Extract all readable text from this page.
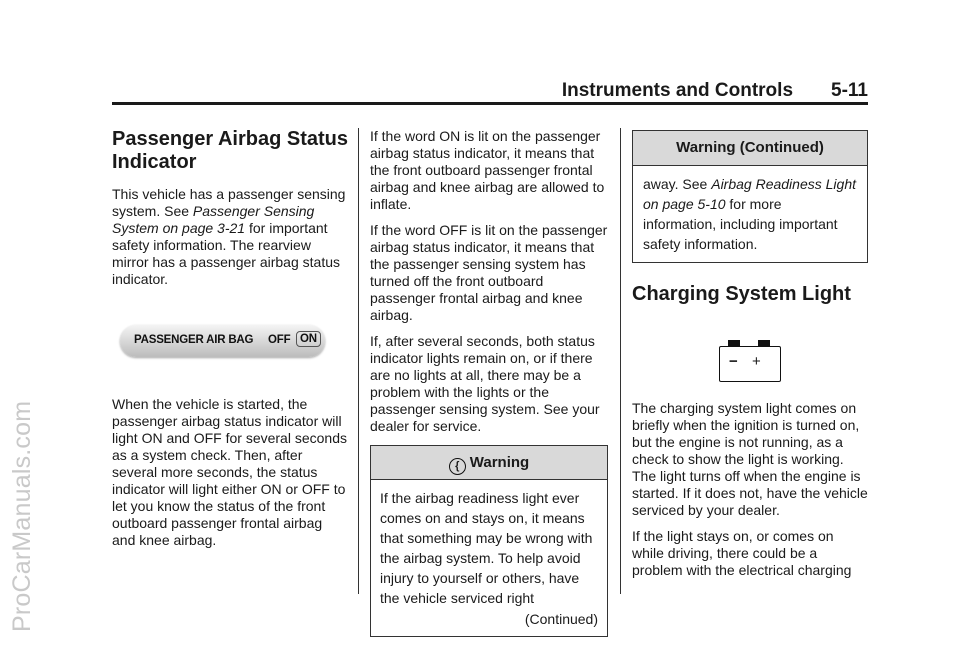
ProCarManuals.com
Instruments and Controls 5-11
Passenger Airbag Status Indicator

This vehicle has a passenger sensing system. See Passenger Sensing System on page 3-21 for important safety information. The rearview mirror has a passenger airbag status indicator.

PASSENGER AIR BAG OFF ON

When the vehicle is started, the passenger airbag status indicator will light ON and OFF for several seconds as a system check. Then, after several more seconds, the status indicator will light either ON or OFF to let you know the status of the front outboard passenger frontal airbag and knee airbag.

If the word ON is lit on the passenger airbag status indicator, it means that the front outboard passenger frontal airbag and knee airbag are allowed to inflate.

If the word OFF is lit on the passenger airbag status indicator, it means that the passenger sensing system has turned off the front outboard passenger frontal airbag and knee airbag.

If, after several seconds, both status indicator lights remain on, or if there are no lights at all, there may be a problem with the lights or the passenger sensing system. See your dealer for service.

{ Warning
If the airbag readiness light ever comes on and stays on, it means that something may be wrong with the airbag system. To help avoid injury to yourself or others, have the vehicle serviced right
(Continued)
Warning (Continued)
away. See Airbag Readiness Light on page 5-10 for more information, including important safety information.
Charging System Light
− +

The charging system light comes on briefly when the ignition is turned on, but the engine is not running, as a check to show the light is working. The light turns off when the engine is started. If it does not, have the vehicle serviced by your dealer.

If the light stays on, or comes on while driving, there could be a problem with the electrical charging
